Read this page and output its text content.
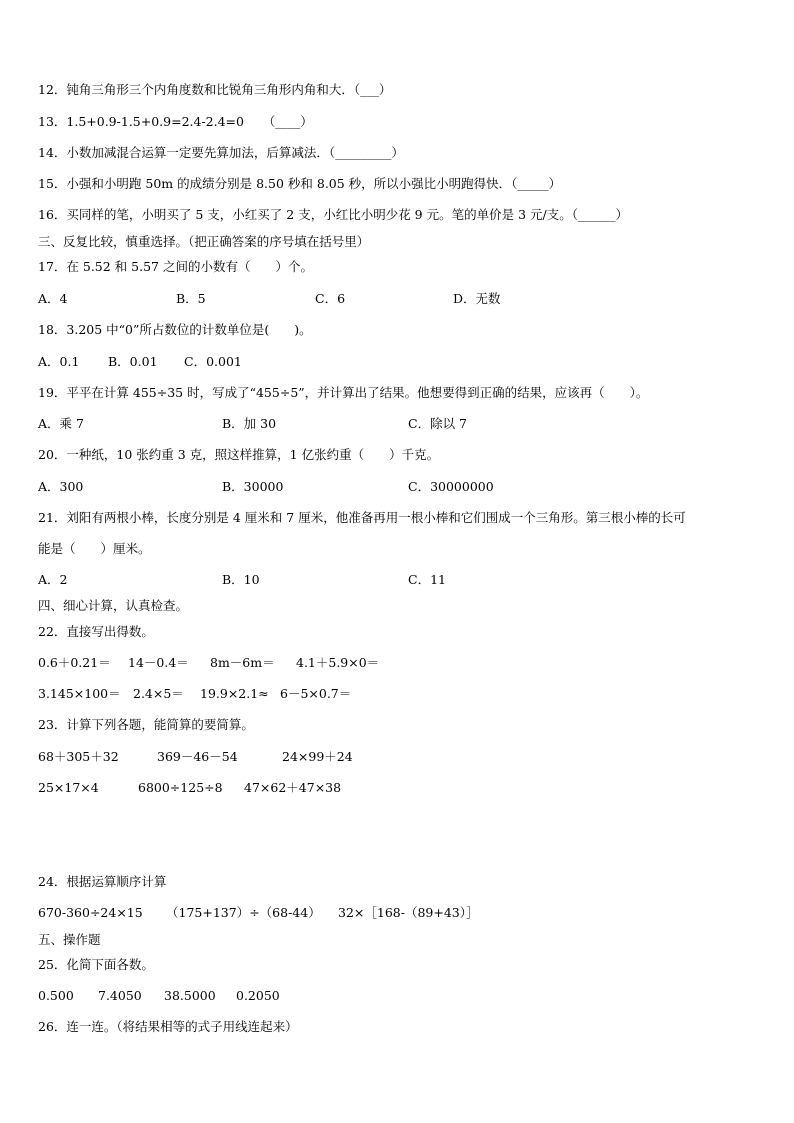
12．钝角三角形三个内角度数和比锐角三角形内角和大．（___）
13．1.5+0.9-1.5+0.9=2.4-2.4=0　　（____）
14．小数加减混合运算一定要先算加法，后算减法．（_________）
15．小强和小明跑 50m 的成绩分别是 8.50 秒和 8.05 秒，所以小强比小明跑得快．（_____）
16．买同样的笔，小明买了 5 支，小红买了 2 支，小红比小明少花 9 元。笔的单价是 3 元/支。（______）
三、反复比较，慎重选择。（把正确答案的序号填在括号里）
17．在 5.52 和 5.57 之间的小数有（　　）个。
A．4	B．5	C．6	D．无数
18．3.205 中“0”所占数位的计数单位是(　　)。
A．0.1 B．0.01 C．0.001
19．平平在计算 455÷35 时，写成了“455÷5”，并计算出了结果。他想要得到正确的结果，应该再（　　）。
A．乘 7	B．加 30	C．除以 7
20．一种纸，10 张约重 3 克，照这样推算，1 亿张约重（　　）千克。
A．300	B．30000	C．30000000
21．刘阳有两根小棒，长度分别是 4 厘米和 7 厘米，他准备再用一根小棒和它们围成一个三角形。第三根小棒的长可
能是（　　）厘米。
A．2	B．10	C．11
四、细心计算，认真检查。
22．直接写出得数。
0.6＋0.21＝ 14－0.4＝ 8m－6m＝ 4.1＋5.9×0＝
3.145×100＝ 2.4×5＝ 19.9×2.1≈ 6－5×0.7＝
23．计算下列各题，能简算的要简算。
68＋305＋32	369－46－54	24×99＋24
25×17×4	6800÷125÷8 47×62＋47×38
24．根据运算顺序计算
670-360÷24×15 （175+137）÷（68-44） 32×［168-（89+43）］
五、操作题
25．化简下面各数。
0.500 7.4050 38.5000 0.2050
26．连一连。（将结果相等的式子用线连起来）
